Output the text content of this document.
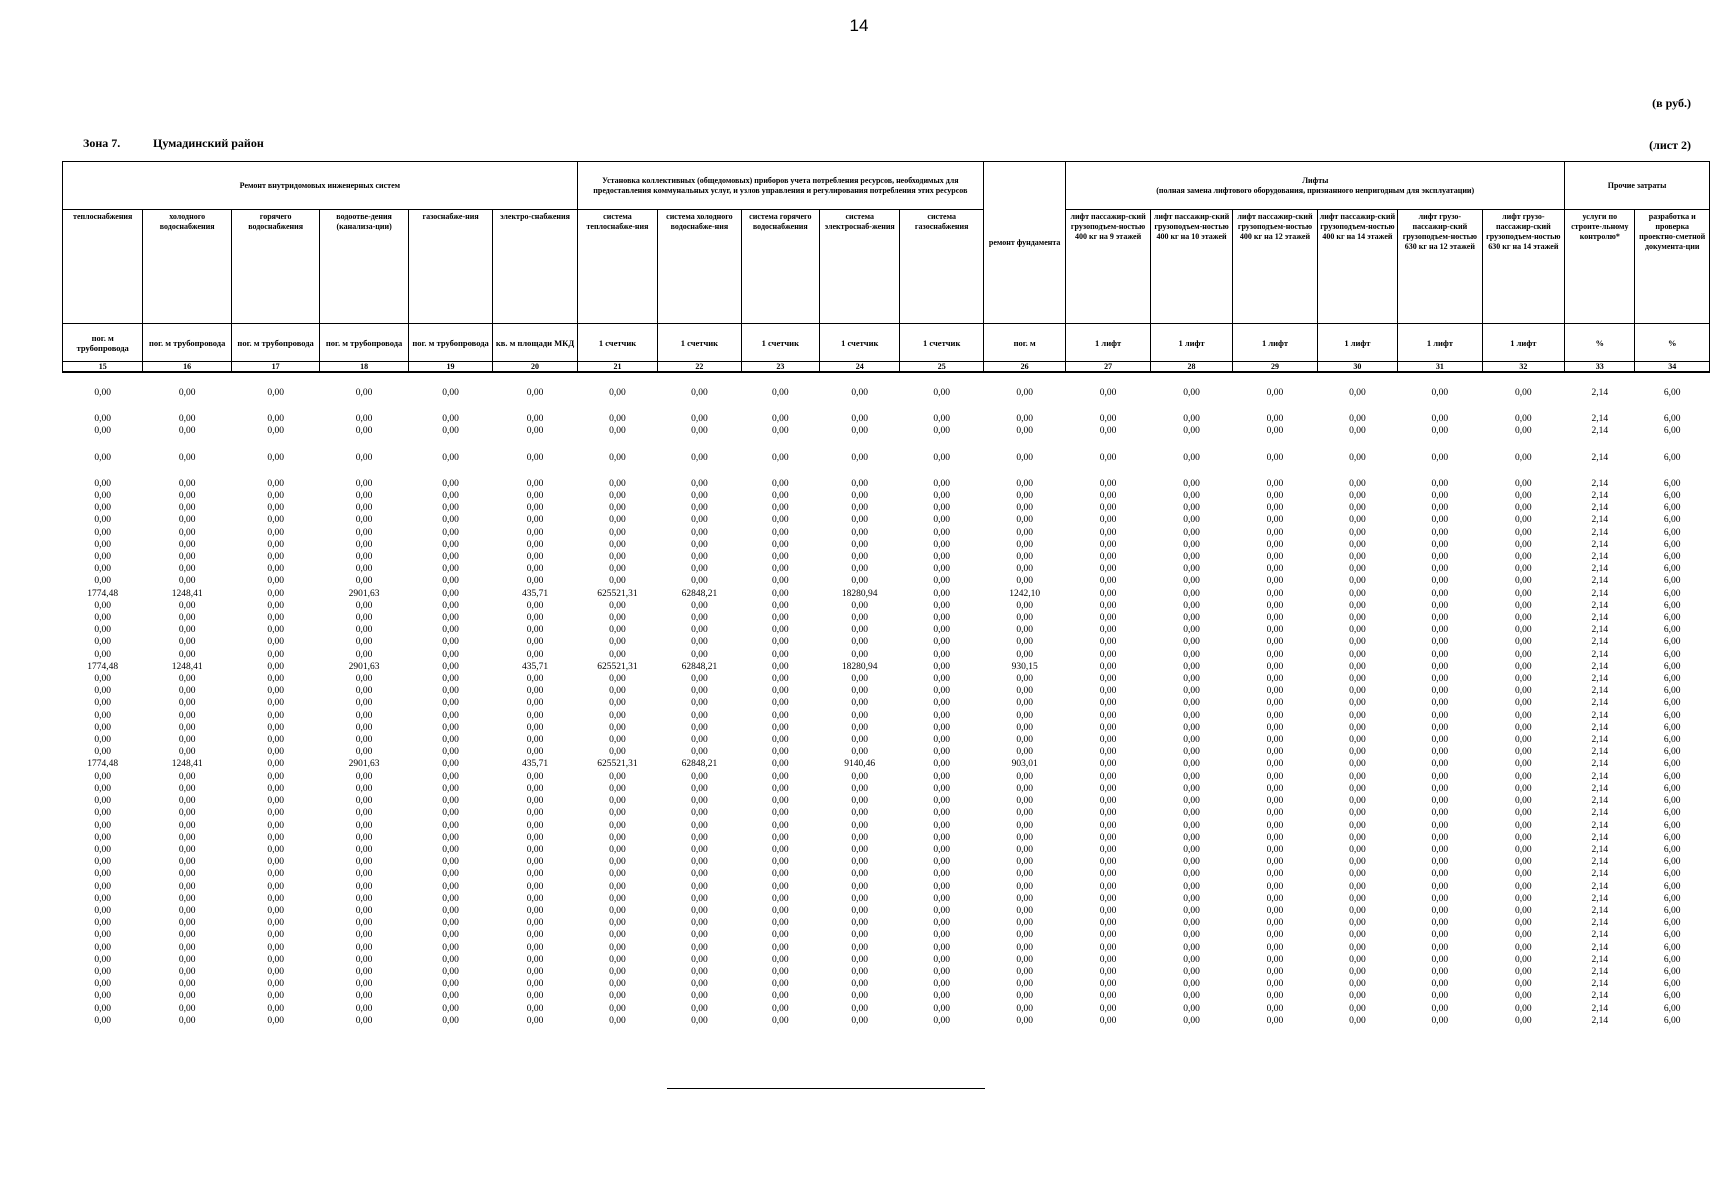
14
(в руб.)
Зона 7.	Цумадинский район	(лист 2)
Ремонт внутридомовых инженерных систем						Установка коллективных (общедомовых) приборов учета потребления ресурсов, необходимых для предоставления коммунальных услуг, и узлов управления и регулирования потребления этих ресурсов					ремонт фундамента	Лифты
(полная замена лифтового оборудования, признанного непригодным для эксплуатации)						Прочие затраты	
теплоснабжения	холодного водоснабжения	горячего водоснабжения	водоотве-дения (канализа-ции)	газоснабже-ния	электро-снабжения	система теплоснабже-ния	система холодного водоснабже-ния	система горячего водоснабжения	система электроснаб-жения	система газоснабжения		лифт пассажир-ский грузоподъем-ностью 400 кг на 9 этажей	лифт пассажир-ский грузоподъем-ностью 400 кг на 10 этажей	лифт пассажир-ский грузоподъем-ностью 400 кг на 12 этажей	лифт пассажир-ский грузоподъем-ностью 400 кг на 14 этажей	лифт грузо-пассажир-ский грузоподъем-ностью 630 кг на 12 этажей	лифт грузо-пассажир-ский грузоподъем-ностью 630 кг на 14 этажей	услуги по строите-льному контролю*	разработка и проверка проектно-сметной документа-ции
пог. м трубопровода	пог. м трубопровода	пог. м трубопровода	пог. м трубопровода	пог. м трубопровода	кв. м площади МКД	1 счетчик	1 счетчик	1 счетчик	1 счетчик	1 счетчик	пог. м	1 лифт	1 лифт	1 лифт	1 лифт	1 лифт	1 лифт	%	%
15	16	17	18	19	20	21	22	23	24	25	26	27	28	29	30	31	32	33	34
0,00	0,00	0,00	0,00	0,00	0,00	0,00	0,00	0,00	0,00	0,00	0,00	0,00	0,00	0,00	0,00	0,00	0,00	2,14	6,00
0,00	0,00	0,00	0,00	0,00	0,00	0,00	0,00	0,00	0,00	0,00	0,00	0,00	0,00	0,00	0,00	0,00	0,00	2,14	6,00
0,00	0,00	0,00	0,00	0,00	0,00	0,00	0,00	0,00	0,00	0,00	0,00	0,00	0,00	0,00	0,00	0,00	0,00	2,14	6,00
0,00	0,00	0,00	0,00	0,00	0,00	0,00	0,00	0,00	0,00	0,00	0,00	0,00	0,00	0,00	0,00	0,00	0,00	2,14	6,00
0,00	0,00	0,00	0,00	0,00	0,00	0,00	0,00	0,00	0,00	0,00	0,00	0,00	0,00	0,00	0,00	0,00	0,00	2,14	6,00
0,00	0,00	0,00	0,00	0,00	0,00	0,00	0,00	0,00	0,00	0,00	0,00	0,00	0,00	0,00	0,00	0,00	0,00	2,14	6,00
0,00	0,00	0,00	0,00	0,00	0,00	0,00	0,00	0,00	0,00	0,00	0,00	0,00	0,00	0,00	0,00	0,00	0,00	2,14	6,00
0,00	0,00	0,00	0,00	0,00	0,00	0,00	0,00	0,00	0,00	0,00	0,00	0,00	0,00	0,00	0,00	0,00	0,00	2,14	6,00
0,00	0,00	0,00	0,00	0,00	0,00	0,00	0,00	0,00	0,00	0,00	0,00	0,00	0,00	0,00	0,00	0,00	0,00	2,14	6,00
0,00	0,00	0,00	0,00	0,00	0,00	0,00	0,00	0,00	0,00	0,00	0,00	0,00	0,00	0,00	0,00	0,00	0,00	2,14	6,00
0,00	0,00	0,00	0,00	0,00	0,00	0,00	0,00	0,00	0,00	0,00	0,00	0,00	0,00	0,00	0,00	0,00	0,00	2,14	6,00
0,00	0,00	0,00	0,00	0,00	0,00	0,00	0,00	0,00	0,00	0,00	0,00	0,00	0,00	0,00	0,00	0,00	0,00	2,14	6,00
0,00	0,00	0,00	0,00	0,00	0,00	0,00	0,00	0,00	0,00	0,00	0,00	0,00	0,00	0,00	0,00	0,00	0,00	2,14	6,00
1774,48	1248,41	0,00	2901,63	0,00	435,71	625521,31	62848,21	0,00	18280,94	0,00	1242,10	0,00	0,00	0,00	0,00	0,00	0,00	2,14	6,00
0,00	0,00	0,00	0,00	0,00	0,00	0,00	0,00	0,00	0,00	0,00	0,00	0,00	0,00	0,00	0,00	0,00	0,00	2,14	6,00
0,00	0,00	0,00	0,00	0,00	0,00	0,00	0,00	0,00	0,00	0,00	0,00	0,00	0,00	0,00	0,00	0,00	0,00	2,14	6,00
0,00	0,00	0,00	0,00	0,00	0,00	0,00	0,00	0,00	0,00	0,00	0,00	0,00	0,00	0,00	0,00	0,00	0,00	2,14	6,00
0,00	0,00	0,00	0,00	0,00	0,00	0,00	0,00	0,00	0,00	0,00	0,00	0,00	0,00	0,00	0,00	0,00	0,00	2,14	6,00
0,00	0,00	0,00	0,00	0,00	0,00	0,00	0,00	0,00	0,00	0,00	0,00	0,00	0,00	0,00	0,00	0,00	0,00	2,14	6,00
1774,48	1248,41	0,00	2901,63	0,00	435,71	625521,31	62848,21	0,00	18280,94	0,00	930,15	0,00	0,00	0,00	0,00	0,00	0,00	2,14	6,00
0,00	0,00	0,00	0,00	0,00	0,00	0,00	0,00	0,00	0,00	0,00	0,00	0,00	0,00	0,00	0,00	0,00	0,00	2,14	6,00
0,00	0,00	0,00	0,00	0,00	0,00	0,00	0,00	0,00	0,00	0,00	0,00	0,00	0,00	0,00	0,00	0,00	0,00	2,14	6,00
0,00	0,00	0,00	0,00	0,00	0,00	0,00	0,00	0,00	0,00	0,00	0,00	0,00	0,00	0,00	0,00	0,00	0,00	2,14	6,00
0,00	0,00	0,00	0,00	0,00	0,00	0,00	0,00	0,00	0,00	0,00	0,00	0,00	0,00	0,00	0,00	0,00	0,00	2,14	6,00
0,00	0,00	0,00	0,00	0,00	0,00	0,00	0,00	0,00	0,00	0,00	0,00	0,00	0,00	0,00	0,00	0,00	0,00	2,14	6,00
0,00	0,00	0,00	0,00	0,00	0,00	0,00	0,00	0,00	0,00	0,00	0,00	0,00	0,00	0,00	0,00	0,00	0,00	2,14	6,00
0,00	0,00	0,00	0,00	0,00	0,00	0,00	0,00	0,00	0,00	0,00	0,00	0,00	0,00	0,00	0,00	0,00	0,00	2,14	6,00
1774,48	1248,41	0,00	2901,63	0,00	435,71	625521,31	62848,21	0,00	9140,46	0,00	903,01	0,00	0,00	0,00	0,00	0,00	0,00	2,14	6,00
0,00	0,00	0,00	0,00	0,00	0,00	0,00	0,00	0,00	0,00	0,00	0,00	0,00	0,00	0,00	0,00	0,00	0,00	2,14	6,00
0,00	0,00	0,00	0,00	0,00	0,00	0,00	0,00	0,00	0,00	0,00	0,00	0,00	0,00	0,00	0,00	0,00	0,00	2,14	6,00
0,00	0,00	0,00	0,00	0,00	0,00	0,00	0,00	0,00	0,00	0,00	0,00	0,00	0,00	0,00	0,00	0,00	0,00	2,14	6,00
0,00	0,00	0,00	0,00	0,00	0,00	0,00	0,00	0,00	0,00	0,00	0,00	0,00	0,00	0,00	0,00	0,00	0,00	2,14	6,00
0,00	0,00	0,00	0,00	0,00	0,00	0,00	0,00	0,00	0,00	0,00	0,00	0,00	0,00	0,00	0,00	0,00	0,00	2,14	6,00
0,00	0,00	0,00	0,00	0,00	0,00	0,00	0,00	0,00	0,00	0,00	0,00	0,00	0,00	0,00	0,00	0,00	0,00	2,14	6,00
0,00	0,00	0,00	0,00	0,00	0,00	0,00	0,00	0,00	0,00	0,00	0,00	0,00	0,00	0,00	0,00	0,00	0,00	2,14	6,00
0,00	0,00	0,00	0,00	0,00	0,00	0,00	0,00	0,00	0,00	0,00	0,00	0,00	0,00	0,00	0,00	0,00	0,00	2,14	6,00
0,00	0,00	0,00	0,00	0,00	0,00	0,00	0,00	0,00	0,00	0,00	0,00	0,00	0,00	0,00	0,00	0,00	0,00	2,14	6,00
0,00	0,00	0,00	0,00	0,00	0,00	0,00	0,00	0,00	0,00	0,00	0,00	0,00	0,00	0,00	0,00	0,00	0,00	2,14	6,00
0,00	0,00	0,00	0,00	0,00	0,00	0,00	0,00	0,00	0,00	0,00	0,00	0,00	0,00	0,00	0,00	0,00	0,00	2,14	6,00
0,00	0,00	0,00	0,00	0,00	0,00	0,00	0,00	0,00	0,00	0,00	0,00	0,00	0,00	0,00	0,00	0,00	0,00	2,14	6,00
0,00	0,00	0,00	0,00	0,00	0,00	0,00	0,00	0,00	0,00	0,00	0,00	0,00	0,00	0,00	0,00	0,00	0,00	2,14	6,00
0,00	0,00	0,00	0,00	0,00	0,00	0,00	0,00	0,00	0,00	0,00	0,00	0,00	0,00	0,00	0,00	0,00	0,00	2,14	6,00
0,00	0,00	0,00	0,00	0,00	0,00	0,00	0,00	0,00	0,00	0,00	0,00	0,00	0,00	0,00	0,00	0,00	0,00	2,14	6,00
0,00	0,00	0,00	0,00	0,00	0,00	0,00	0,00	0,00	0,00	0,00	0,00	0,00	0,00	0,00	0,00	0,00	0,00	2,14	6,00
0,00	0,00	0,00	0,00	0,00	0,00	0,00	0,00	0,00	0,00	0,00	0,00	0,00	0,00	0,00	0,00	0,00	0,00	2,14	6,00
0,00	0,00	0,00	0,00	0,00	0,00	0,00	0,00	0,00	0,00	0,00	0,00	0,00	0,00	0,00	0,00	0,00	0,00	2,14	6,00
0,00	0,00	0,00	0,00	0,00	0,00	0,00	0,00	0,00	0,00	0,00	0,00	0,00	0,00	0,00	0,00	0,00	0,00	2,14	6,00
0,00	0,00	0,00	0,00	0,00	0,00	0,00	0,00	0,00	0,00	0,00	0,00	0,00	0,00	0,00	0,00	0,00	0,00	2,14	6,00
0,00	0,00	0,00	0,00	0,00	0,00	0,00	0,00	0,00	0,00	0,00	0,00	0,00	0,00	0,00	0,00	0,00	0,00	2,14	6,00
